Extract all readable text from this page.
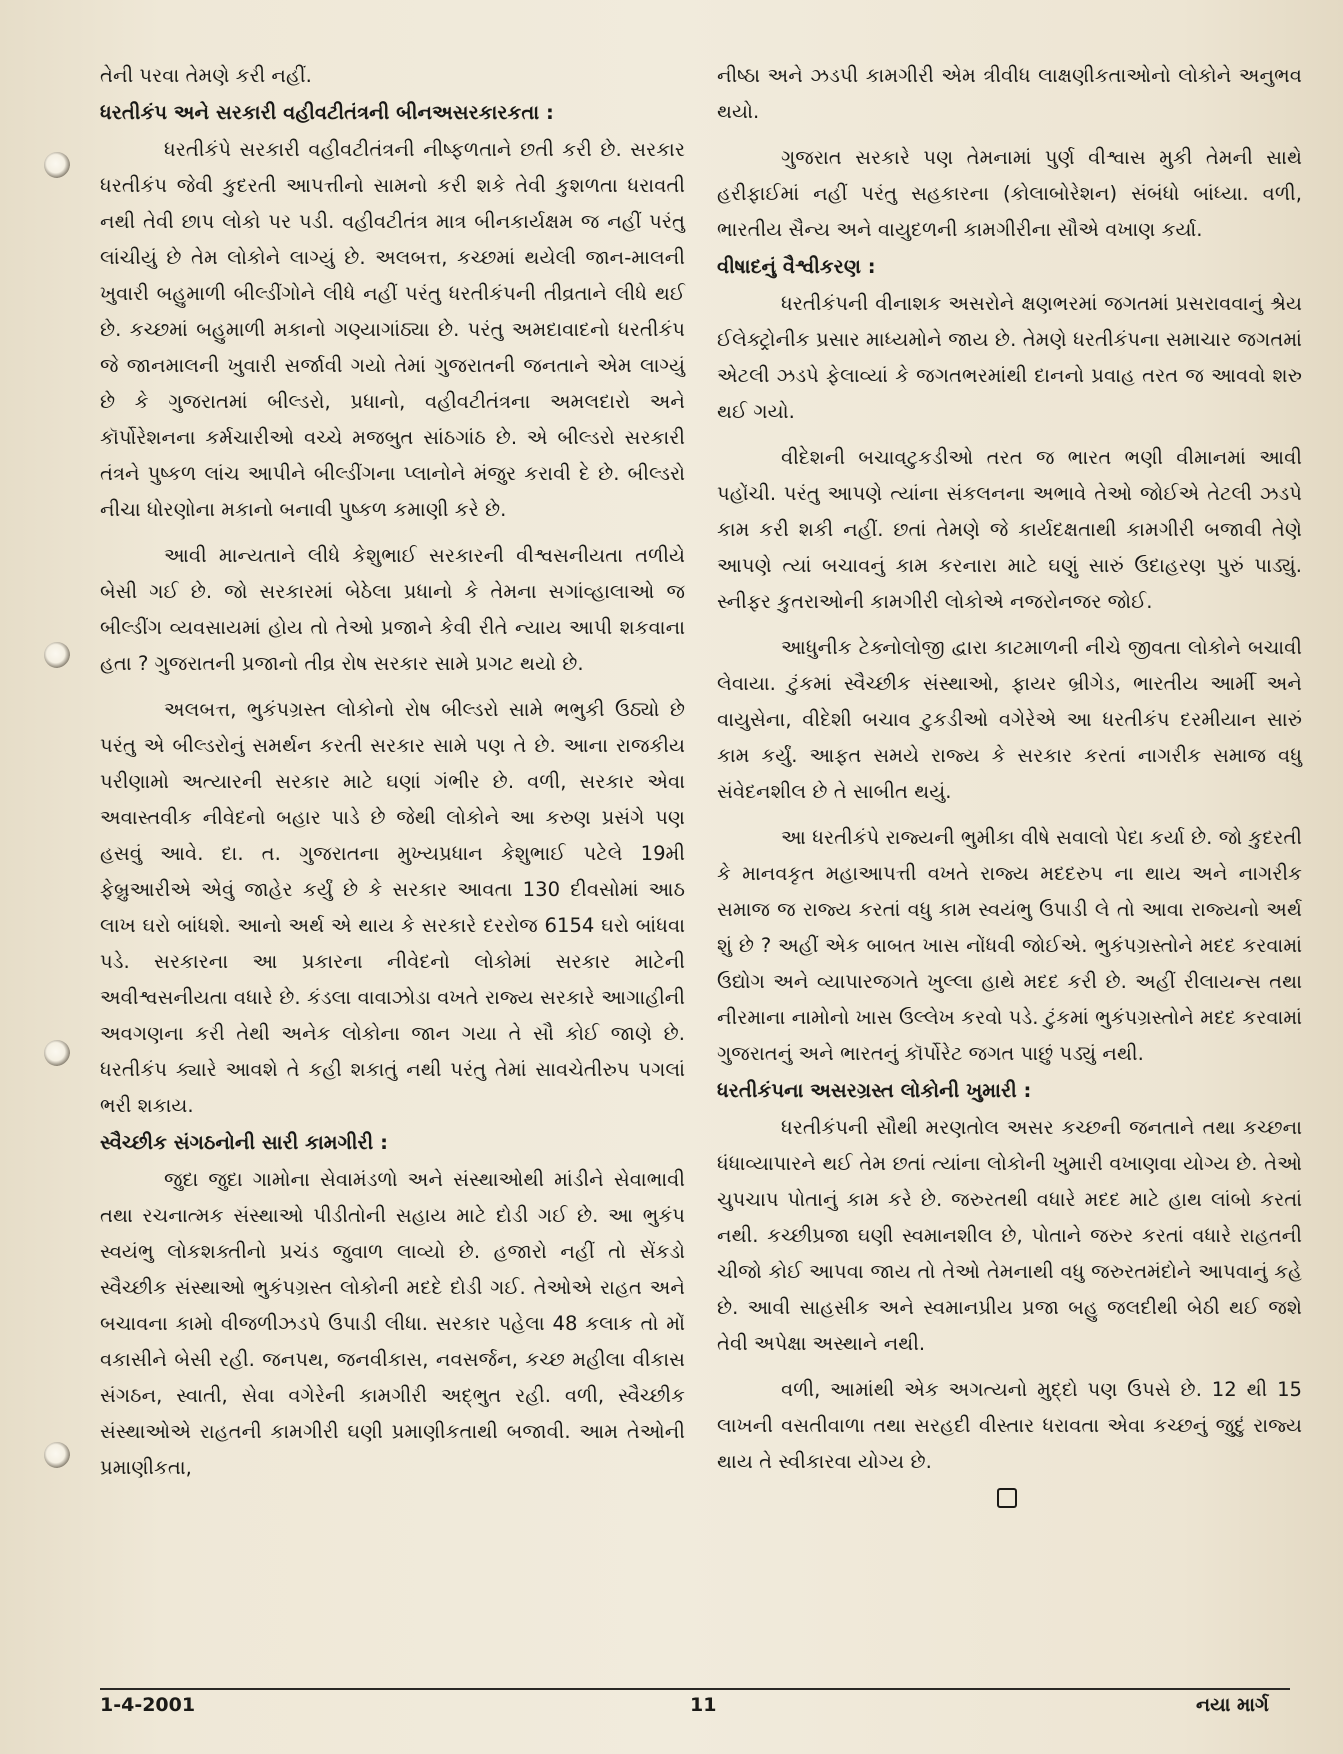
તેની પરવા તેમણે કરી નહીં.

ધરતીકંપ અને સરકારી વહીવટીતંત્રની બીનઅસરકારકતા :

ધરતીકંપે સરકારી વહીવટીતંત્રની નીષ્ફળતાને છતી કરી છે. સરકાર ધરતીકંપ જેવી કુદરતી આપત્તીનો સામનો કરી શકે તેવી કુશળતા ધરાવતી નથી તેવી છાપ લોકો પર પડી. વહીવટીતંત્ર માત્ર બીનકાર્યક્ષમ જ નહીં પરંતુ લાંચીયું છે તેમ લોકોને લાગ્યું છે. અલબત્ત, કચ્છમાં થયેલી જાન-માલની ખુવારી બહુમાળી બીલ્ડીંગોને લીધે નહીં પરંતુ ધરતીકંપની તીવ્રતાને લીધે થઈ છે. કચ્છમાં બહુમાળી મકાનો ગણ્યાગાંઠ્યા છે. પરંતુ અમદાવાદનો ધરતીકંપ જે જાનમાલની ખુવારી સર્જાવી ગયો તેમાં ગુજરાતની જનતાને એમ લાગ્યું છે કે ગુજરાતમાં બીલ્ડરો, પ્રધાનો, વહીવટીતંત્રના અમલદારો અને કૉર્પોરેશનના કર્મચારીઓ વચ્ચે મજબુત સાંઠગાંઠ છે. એ બીલ્ડરો સરકારી તંત્રને પુષ્કળ લાંચ આપીને બીલ્ડીંગના પ્લાનોને મંજુર કરાવી દે છે. બીલ્ડરો નીચા ધોરણોના મકાનો બનાવી પુષ્કળ કમાણી કરે છે.

આવી માન્યતાને લીધે કેશુભાઈ સરકારની વીશ્વસનીયતા તળીયે બેસી ગઈ છે. જો સરકારમાં બેઠેલા પ્રધાનો કે તેમના સગાંવ્હાલાઓ જ બીલ્ડીંગ વ્યવસાયમાં હોય તો તેઓ પ્રજાને કેવી રીતે ન્યાય આપી શકવાના હતા ? ગુજરાતની પ્રજાનો તીવ્ર રોષ સરકાર સામે પ્રગટ થયો છે.

અલબત્ત, ભુકંપગ્રસ્ત લોકોનો રોષ બીલ્ડરો સામે ભભુકી ઉઠ્યો છે પરંતુ એ બીલ્ડરોનું સમર્થન કરતી સરકાર સામે પણ તે છે. આના રાજકીય પરીણામો અત્યારની સરકાર માટે ઘણાં ગંભીર છે. વળી, સરકાર એવા અવાસ્તવીક નીવેદનો બહાર પાડે છે જેથી લોકોને આ કરુણ પ્રસંગે પણ હસવું આવે. દા. ત. ગુજરાતના મુખ્યપ્રધાન કેશુભાઈ પટેલે 19મી ફેબ્રુઆરીએ એવું જાહેર કર્યું છે કે સરકાર આવતા 130 દીવસોમાં આઠ લાખ ઘરો બાંધશે. આનો અર્થ એ થાય કે સરકારે દરરોજ 6154 ઘરો બાંધવા પડે. સરકારના આ પ્રકારના નીવેદનો લોકોમાં સરકાર માટેની અવીશ્વસનીયતા વધારે છે. કંડલા વાવાઝોડા વખતે રાજ્ય સરકારે આગાહીની અવગણના કરી તેથી અનેક લોકોના જાન ગયા તે સૌ કોઈ જાણે છે. ધરતીકંપ ક્યારે આવશે તે કહી શકાતું નથી પરંતુ તેમાં સાવચેતીરુપ પગલાં ભરી શકાય.

સ્વૈચ્છીક સંગઠનોની સારી કામગીરી :

જુદા જુદા ગામોના સેવામંડળો અને સંસ્થાઓથી માંડીને સેવાભાવી તથા રચનાત્મક સંસ્થાઓ પીડીતોની સહાય માટે દોડી ગઈ છે. આ ભુકંપ સ્વયંભુ લોકશક્તીનો પ્રચંડ જુવાળ લાવ્યો છે. હજારો નહીં તો સેંકડો સ્વૈચ્છીક સંસ્થાઓ ભુકંપગ્રસ્ત લોકોની મદદે દોડી ગઈ. તેઓએ રાહત અને બચાવના કામો વીજળીઝડપે ઉપાડી લીધા. સરકાર પહેલા 48 કલાક તો મોં વકાસીને બેસી રહી. જનપથ, જનવીકાસ, નવસર્જન, કચ્છ મહીલા વીકાસ સંગઠન, સ્વાતી, સેવા વગેરેની કામગીરી અદ્ભુત રહી. વળી, સ્વૈચ્છીક સંસ્થાઓએ રાહતની કામગીરી ઘણી પ્રમાણીકતાથી બજાવી. આમ તેઓની પ્રમાણીકતા,

નીષ્ઠા અને ઝડપી કામગીરી એમ ત્રીવીધ લાક્ષણીકતાઓનો લોકોને અનુભવ થયો.

ગુજરાત સરકારે પણ તેમનામાં પુર્ણ વીશ્વાસ મુકી તેમની સાથે હરીફાઈમાં નહીં પરંતુ સહકારના (કોલાબોરેશન) સંબંધો બાંધ્યા. વળી, ભારતીય સૈન્ય અને વાયુદળની કામગીરીના સૌએ વખાણ કર્યા.

વીષાદનું વૈશ્વીકરણ :

ધરતીકંપની વીનાશક અસરોને ક્ષણભરમાં જગતમાં પ્રસરાવવાનું શ્રેય ઈલેક્ટ્રોનીક પ્રસાર માધ્યમોને જાય છે. તેમણે ધરતીકંપના સમાચાર જગતમાં એટલી ઝડપે ફેલાવ્યાં કે જગતભરમાંથી દાનનો પ્રવાહ તરત જ આવવો શરુ થઈ ગયો.

વીદેશની બચાવટુકડીઓ તરત જ ભારત ભણી વીમાનમાં આવી પહોંચી. પરંતુ આપણે ત્યાંના સંકલનના અભાવે તેઓ જોઈએ તેટલી ઝડપે કામ કરી શકી નહીં. છતાં તેમણે જે કાર્યદક્ષતાથી કામગીરી બજાવી તેણે આપણે ત્યાં બચાવનું કામ કરનારા માટે ઘણું સારું ઉદાહરણ પુરું પાડ્યું. સ્નીફર કુતરાઓની કામગીરી લોકોએ નજરોનજર જોઈ.

આધુનીક ટેક્નોલોજી દ્વારા કાટમાળની નીચે જીવતા લોકોને બચાવી લેવાયા. ટુંકમાં સ્વૈચ્છીક સંસ્થાઓ, ફાયર બ્રીગેડ, ભારતીય આર્મી અને વાયુસેના, વીદેશી બચાવ ટુકડીઓ વગેરેએ આ ધરતીકંપ દરમીયાન સારું કામ કર્યું. આફત સમયે રાજ્ય કે સરકાર કરતાં નાગરીક સમાજ વધુ સંવેદનશીલ છે તે સાબીત થયું.

આ ધરતીકંપે રાજ્યની ભુમીકા વીષે સવાલો પેદા કર્યા છે. જો કુદરતી કે માનવકૃત મહાઆપત્તી વખતે રાજ્ય મદદરુપ ના થાય અને નાગરીક સમાજ જ રાજ્ય કરતાં વધુ કામ સ્વયંભુ ઉપાડી લે તો આવા રાજ્યનો અર્થ શું છે ? અહીં એક બાબત ખાસ નોંધવી જોઈએ. ભુકંપગ્રસ્તોને મદદ કરવામાં ઉદ્યોગ અને વ્યાપારજગતે ખુલ્લા હાથે મદદ કરી છે. અહીં રીલાયન્સ તથા નીરમાના નામોનો ખાસ ઉલ્લેખ કરવો પડે. ટુંકમાં ભુકંપગ્રસ્તોને મદદ કરવામાં ગુજરાતનું અને ભારતનું કૉર્પોરેટ જગત પાછું પડ્યું નથી.

ધરતીકંપના અસરગ્રસ્ત લોકોની ખુમારી :

ધરતીકંપની સૌથી મરણતોલ અસર કચ્છની જનતાને તથા કચ્છના ધંધાવ્યાપારને થઈ તેમ છતાં ત્યાંના લોકોની ખુમારી વખાણવા યોગ્ય છે. તેઓ ચુપચાપ પોતાનું કામ કરે છે. જરુરતથી વધારે મદદ માટે હાથ લાંબો કરતાં નથી. કચ્છીપ્રજા ઘણી સ્વમાનશીલ છે, પોતાને જરુર કરતાં વધારે રાહતની ચીજો કોઈ આપવા જાય તો તેઓ તેમનાથી વધુ જરુરતમંદોને આપવાનું કહે છે. આવી સાહસીક અને સ્વમાનપ્રીય પ્રજા બહુ જલદીથી બેઠી થઈ જશે તેવી અપેક્ષા અસ્થાને નથી.

વળી, આમાંથી એક અગત્યનો મુદ્દો પણ ઉપસે છે. 12 થી 15 લાખની વસતીવાળા તથા સરહદી વીસ્તાર ધરાવતા એવા કચ્છનું જુદું રાજ્ય થાય તે સ્વીકારવા યોગ્ય છે.

1-4-2001	11	નયા માર્ગ
